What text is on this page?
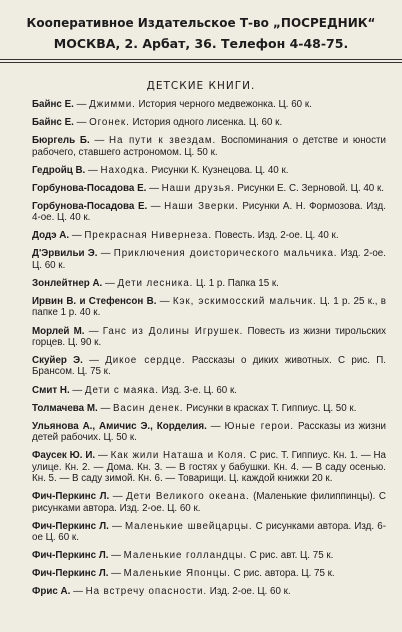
Кооперативное Издательское Т-во „ПОСРЕДНИК“
МОСКВА, 2. Арбат, 36. Телефон 4-48-75.
ДЕТСКИЕ КНИГИ.
Байнс Е. — Джимми. История черного медвежонка. Ц. 60 к.
Байнс Е. — Огонек. История одного лисенка. Ц. 60 к.
Бюргель Б. — На пути к звездам. Воспоминания о детстве и юности рабочего, ставшего астрономом. Ц. 50 к.
Гедройц В. — Находка. Рисунки К. Кузнецова. Ц. 40 к.
Горбунова-Посадова Е. — Наши друзья. Рисунки Е. С. Зерновой. Ц. 40 к.
Горбунова-Посадова Е. — Наши Зверки. Рисунки А. Н. Формозова. Изд. 4-ое. Ц. 40 к.
Додэ А. — Прекрасная Нивернеза. Повесть. Изд. 2-ое. Ц. 40 к.
Д'Эрвильи Э. — Приключения доисторического мальчика. Изд. 2-ое. Ц. 60 к.
Зонлейтнер А. — Дети лесника. Ц. 1 р. Папка 15 к.
Ирвин В. и Стефенсон В. — Кэк, эскимосский мальчик. Ц. 1 р. 25 к., в папке 1 р. 40 к.
Морлей М. — Ганс из Долины Игрушек. Повесть из жизни тирольских горцев. Ц. 90 к.
Скуйер Э. — Дикое сердце. Рассказы о диких животных. С рис. П. Брансом. Ц. 75 к.
Смит Н. — Дети с маяка. Изд. 3-е. Ц. 60 к.
Толмачева М. — Васин денек. Рисунки в красках Т. Гиппиус. Ц. 50 к.
Ульянова А., Амичис Э., Корделия. — Юные герои. Рассказы из жизни детей рабочих. Ц. 50 к.
Фаусек Ю. И. — Как жили Наташа и Коля. С рис. Т. Гиппиус. Кн. 1. — На улице. Кн. 2. — Дома. Кн. 3. — В гостях у бабушки. Кн. 4. — В саду осенью. Кн. 5. — В саду зимой. Кн. 6. — Товарищи. Ц. каждой книжки 20 к.
Фич-Перкинс Л. — Дети Великого океана. (Маленькие филиппинцы). С рисунками автора. Изд. 2-ое. Ц. 60 к.
Фич-Перкинс Л. — Маленькие швейцарцы. С рисунками автора. Изд. 6-ое Ц. 60 к.
Фич-Перкинс Л. — Маленькие голландцы. С рис. авт. Ц. 75 к.
Фич-Перкинс Л. — Маленькие Японцы. С рис. автора. Ц. 75 к.
Фрис А. — На встречу опасности. Изд. 2-ое. Ц. 60 к.
